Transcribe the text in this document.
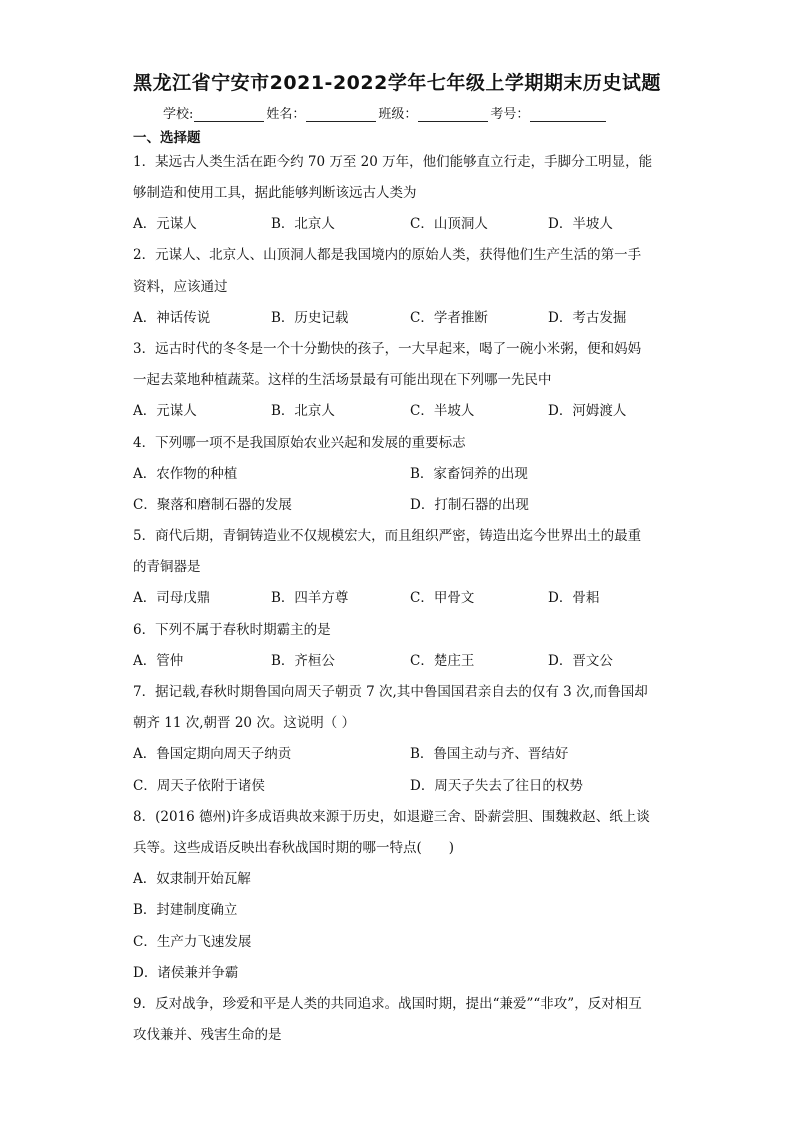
黑龙江省宁安市2021-2022学年七年级上学期期末历史试题
学校:	姓名：	班级：	考号：
一、选择题
1．某远古人类生活在距今约 70 万至 20 万年，他们能够直立行走，手脚分工明显，能
够制造和使用工具，据此能够判断该远古人类为
A．元谋人	B．北京人	C．山顶洞人	D．半坡人
2．元谋人、北京人、山顶洞人都是我国境内的原始人类，获得他们生产生活的第一手
资料，应该通过
A．神话传说	B．历史记载	C．学者推断	D．考古发掘
3．远古时代的冬冬是一个十分勤快的孩子，一大早起来，喝了一碗小米粥，便和妈妈
一起去菜地种植蔬菜。这样的生活场景最有可能出现在下列哪一先民中
A．元谋人	B．北京人	C．半坡人	D．河姆渡人
4．下列哪一项不是我国原始农业兴起和发展的重要标志
A．农作物的种植	B．家畜饲养的出现
C．聚落和磨制石器的发展	D．打制石器的出现
5．商代后期，青铜铸造业不仅规模宏大，而且组织严密，铸造出迄今世界出土的最重
的青铜器是
A．司母戊鼎	B．四羊方尊	C．甲骨文	D．骨耜
6．下列不属于春秋时期霸主的是
A．管仲	B．齐桓公	C．楚庄王	D．晋文公
7．据记载,春秋时期鲁国向周天子朝贡 7 次,其中鲁国国君亲自去的仅有 3 次,而鲁国却
朝齐 11 次,朝晋 20 次。这说明（ ）
A．鲁国定期向周天子纳贡	B．鲁国主动与齐、晋结好
C．周天子依附于诸侯	D．周天子失去了往日的权势
8．(2016 德州)许多成语典故来源于历史，如退避三舍、卧薪尝胆、围魏救赵、纸上谈
兵等。这些成语反映出春秋战国时期的哪一特点(　　)
A．奴隶制开始瓦解
B．封建制度确立
C．生产力飞速发展
D．诸侯兼并争霸
9．反对战争，珍爱和平是人类的共同追求。战国时期，提出“兼爱”“非攻”，反对相互
攻伐兼并、残害生命的是
